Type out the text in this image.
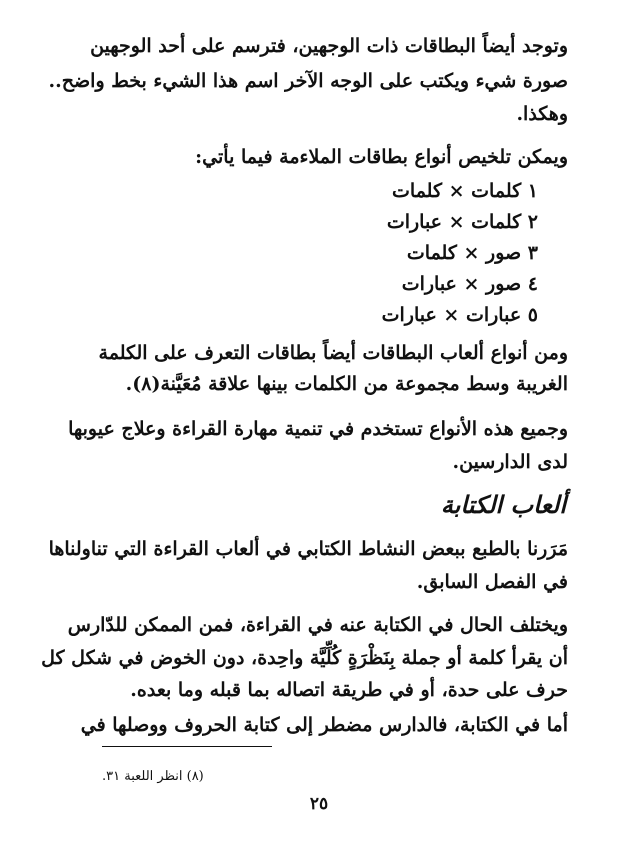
وتوجد أيضاً البطاقات ذات الوجهين، فترسم على أحد الوجهين
صورة شيء ويكتب على الوجه الآخر اسم هذا الشيء بخط واضح..
وهكذا.
ويمكن تلخيص أنواع بطاقات الملاءمة فيما يأتي:
١ كلمات × كلمات
٢ كلمات × عبارات
٣ صور × كلمات
٤ صور × عبارات
٥ عبارات × عبارات
ومن أنواع ألعاب البطاقات أيضاً بطاقات التعرف على الكلمة
الغريبة وسط مجموعة من الكلمات بينها علاقة مُعَيَّنة(٨).
وجميع هذه الأنواع تستخدم في تنمية مهارة القراءة وعلاج عيوبها
لدى الدارسين.
ألعاب الكتابة
مَرَرنا بالطبع ببعض النشاط الكتابي في ألعاب القراءة التي تناولناها
في الفصل السابق.
ويختلف الحال في الكتابة عنه في القراءة، فمن الممكن للدّارس
أن يقرأ كلمة أو جملة بِنَظْرَةٍ كُلِّيَّة واحِدة، دون الخوض في شكل كل
حرف على حدة، أو في طريقة اتصاله بما قبله وما بعده.
أما في الكتابة، فالدارس مضطر إلى كتابة الحروف ووصلها في
(٨) انظر اللعبة ٣١.
٢٥
